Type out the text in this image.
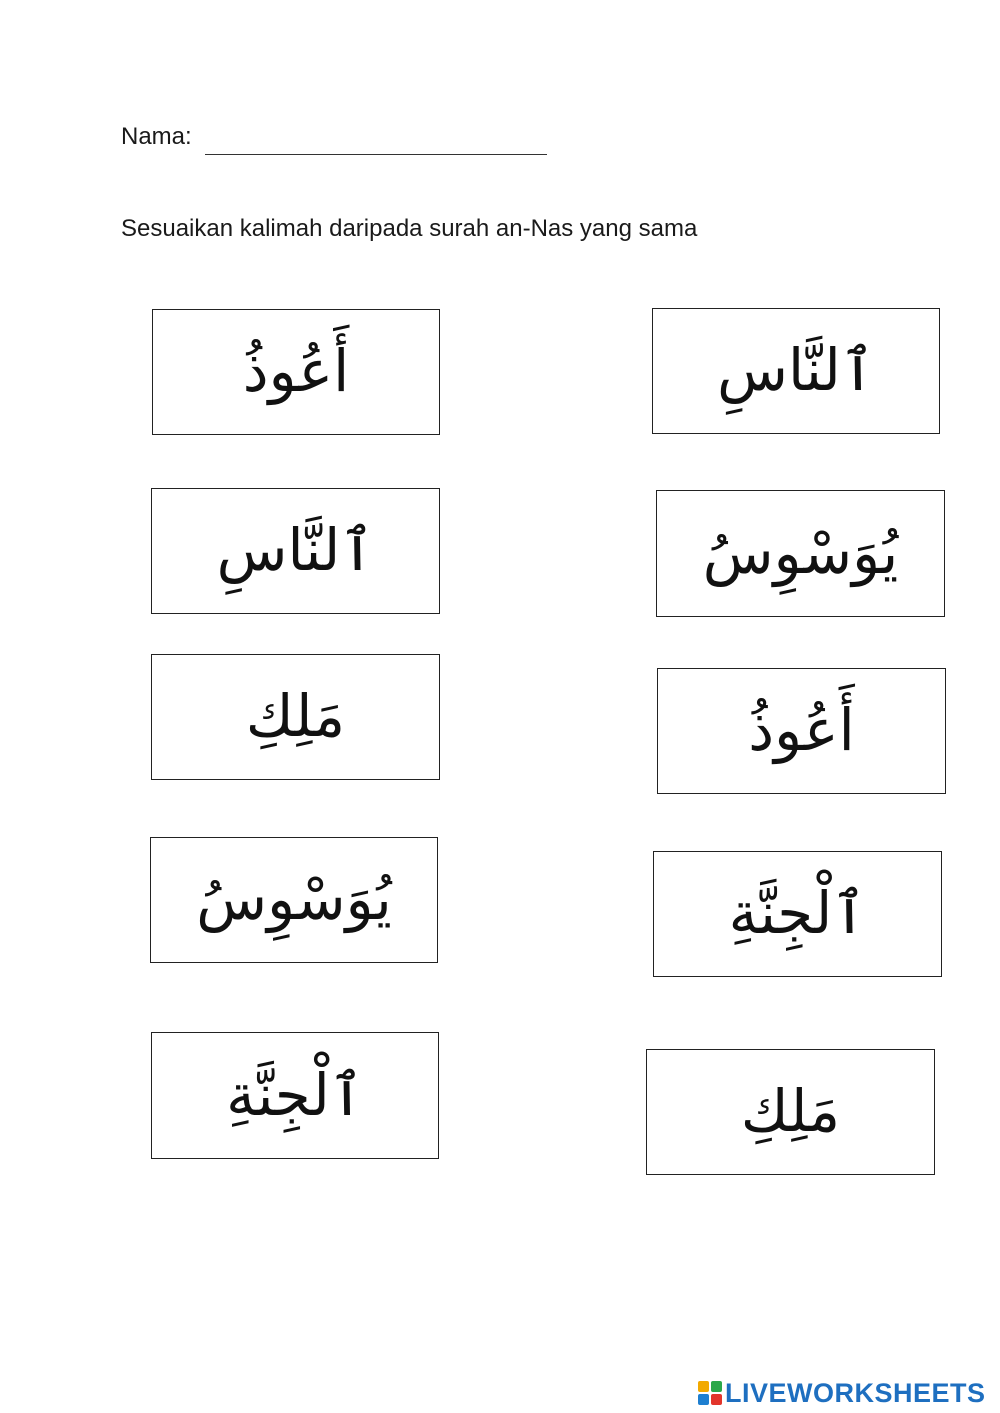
Nama:
Sesuaikan kalimah daripada surah an-Nas yang sama
أَعُوذُ
ٱلنَّاسِ
مَلِكِ
يُوَسْوِسُ
ٱلْجِنَّةِ
ٱلنَّاسِ
يُوَسْوِسُ
أَعُوذُ
ٱلْجِنَّةِ
مَلِكِ
LIVEWORKSHEETS
